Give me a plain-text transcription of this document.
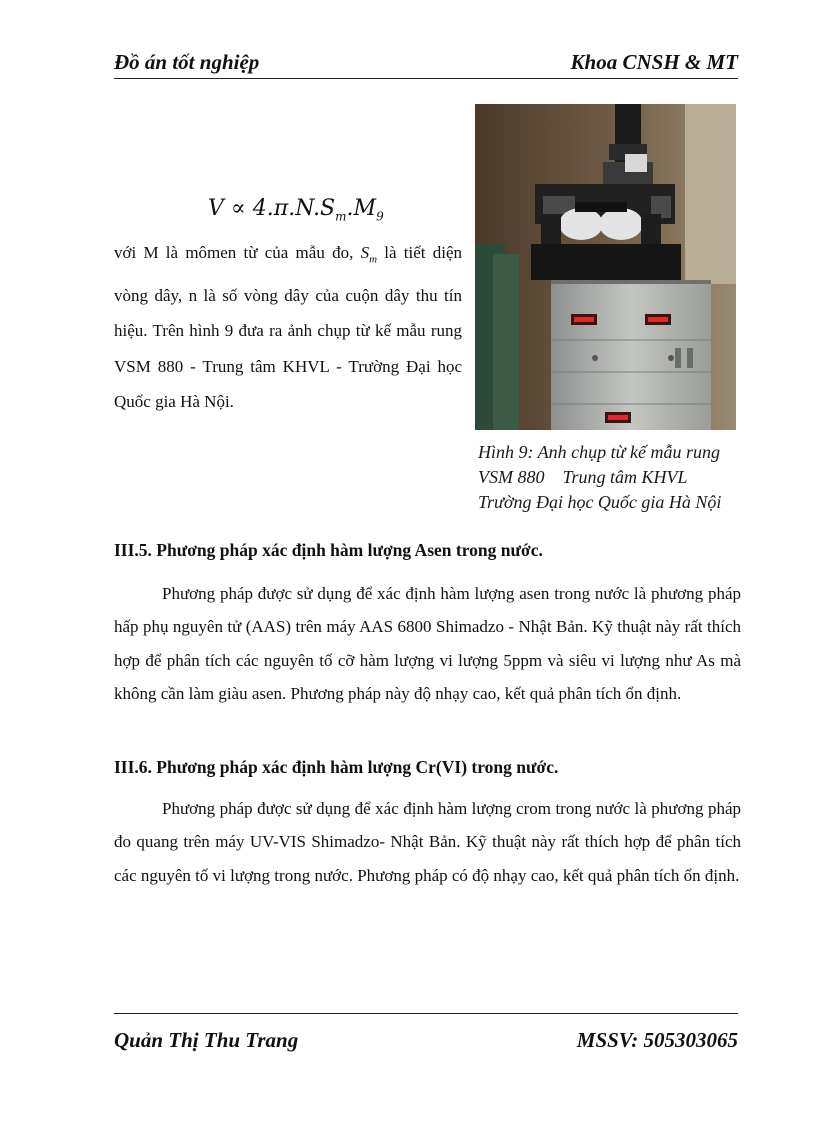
Đồ án tốt nghiệp	Khoa CNSH & MT
$V \propto 4.\pi.N.S_m.M_9$
với M là mômen từ của mẫu đo, $S_m$ là tiết diện vòng dây, n là số vòng dây của cuộn dây thu tín hiệu. Trên hình 9 đưa ra ảnh chụp từ kế mẫu rung VSM 880 - Trung tâm KHVL - Trường Đại học Quốc gia Hà Nội.
Hình 9: Anh chụp từ kế mẫu rung
VSM 880    Trung tâm KHVL
Trường Đại học Quốc gia Hà Nội
III.5. Phương pháp xác định hàm lượng Asen trong nước.
Phương pháp được sử dụng để xác định hàm lượng asen trong nước là phương pháp hấp phụ nguyên tử (AAS) trên máy AAS 6800 Shimadzo - Nhật Bản. Kỹ thuật này rất thích hợp để phân tích các nguyên tố cỡ hàm lượng vi lượng 5ppm và siêu vi lượng như As mà không cần làm giàu asen. Phương pháp này độ nhạy cao, kết quả phân tích ổn định.
III.6. Phương pháp xác định hàm lượng Cr(VI) trong nước.
Phương pháp được sử dụng để xác định hàm lượng crom trong nước là phương pháp đo quang trên máy UV-VIS Shimadzo- Nhật Bản. Kỹ thuật này rất thích hợp để phân tích các nguyên tố vi lượng trong nước. Phương pháp có độ nhạy cao, kết quả phân tích ổn định.
Quản Thị Thu Trang	MSSV: 505303065
